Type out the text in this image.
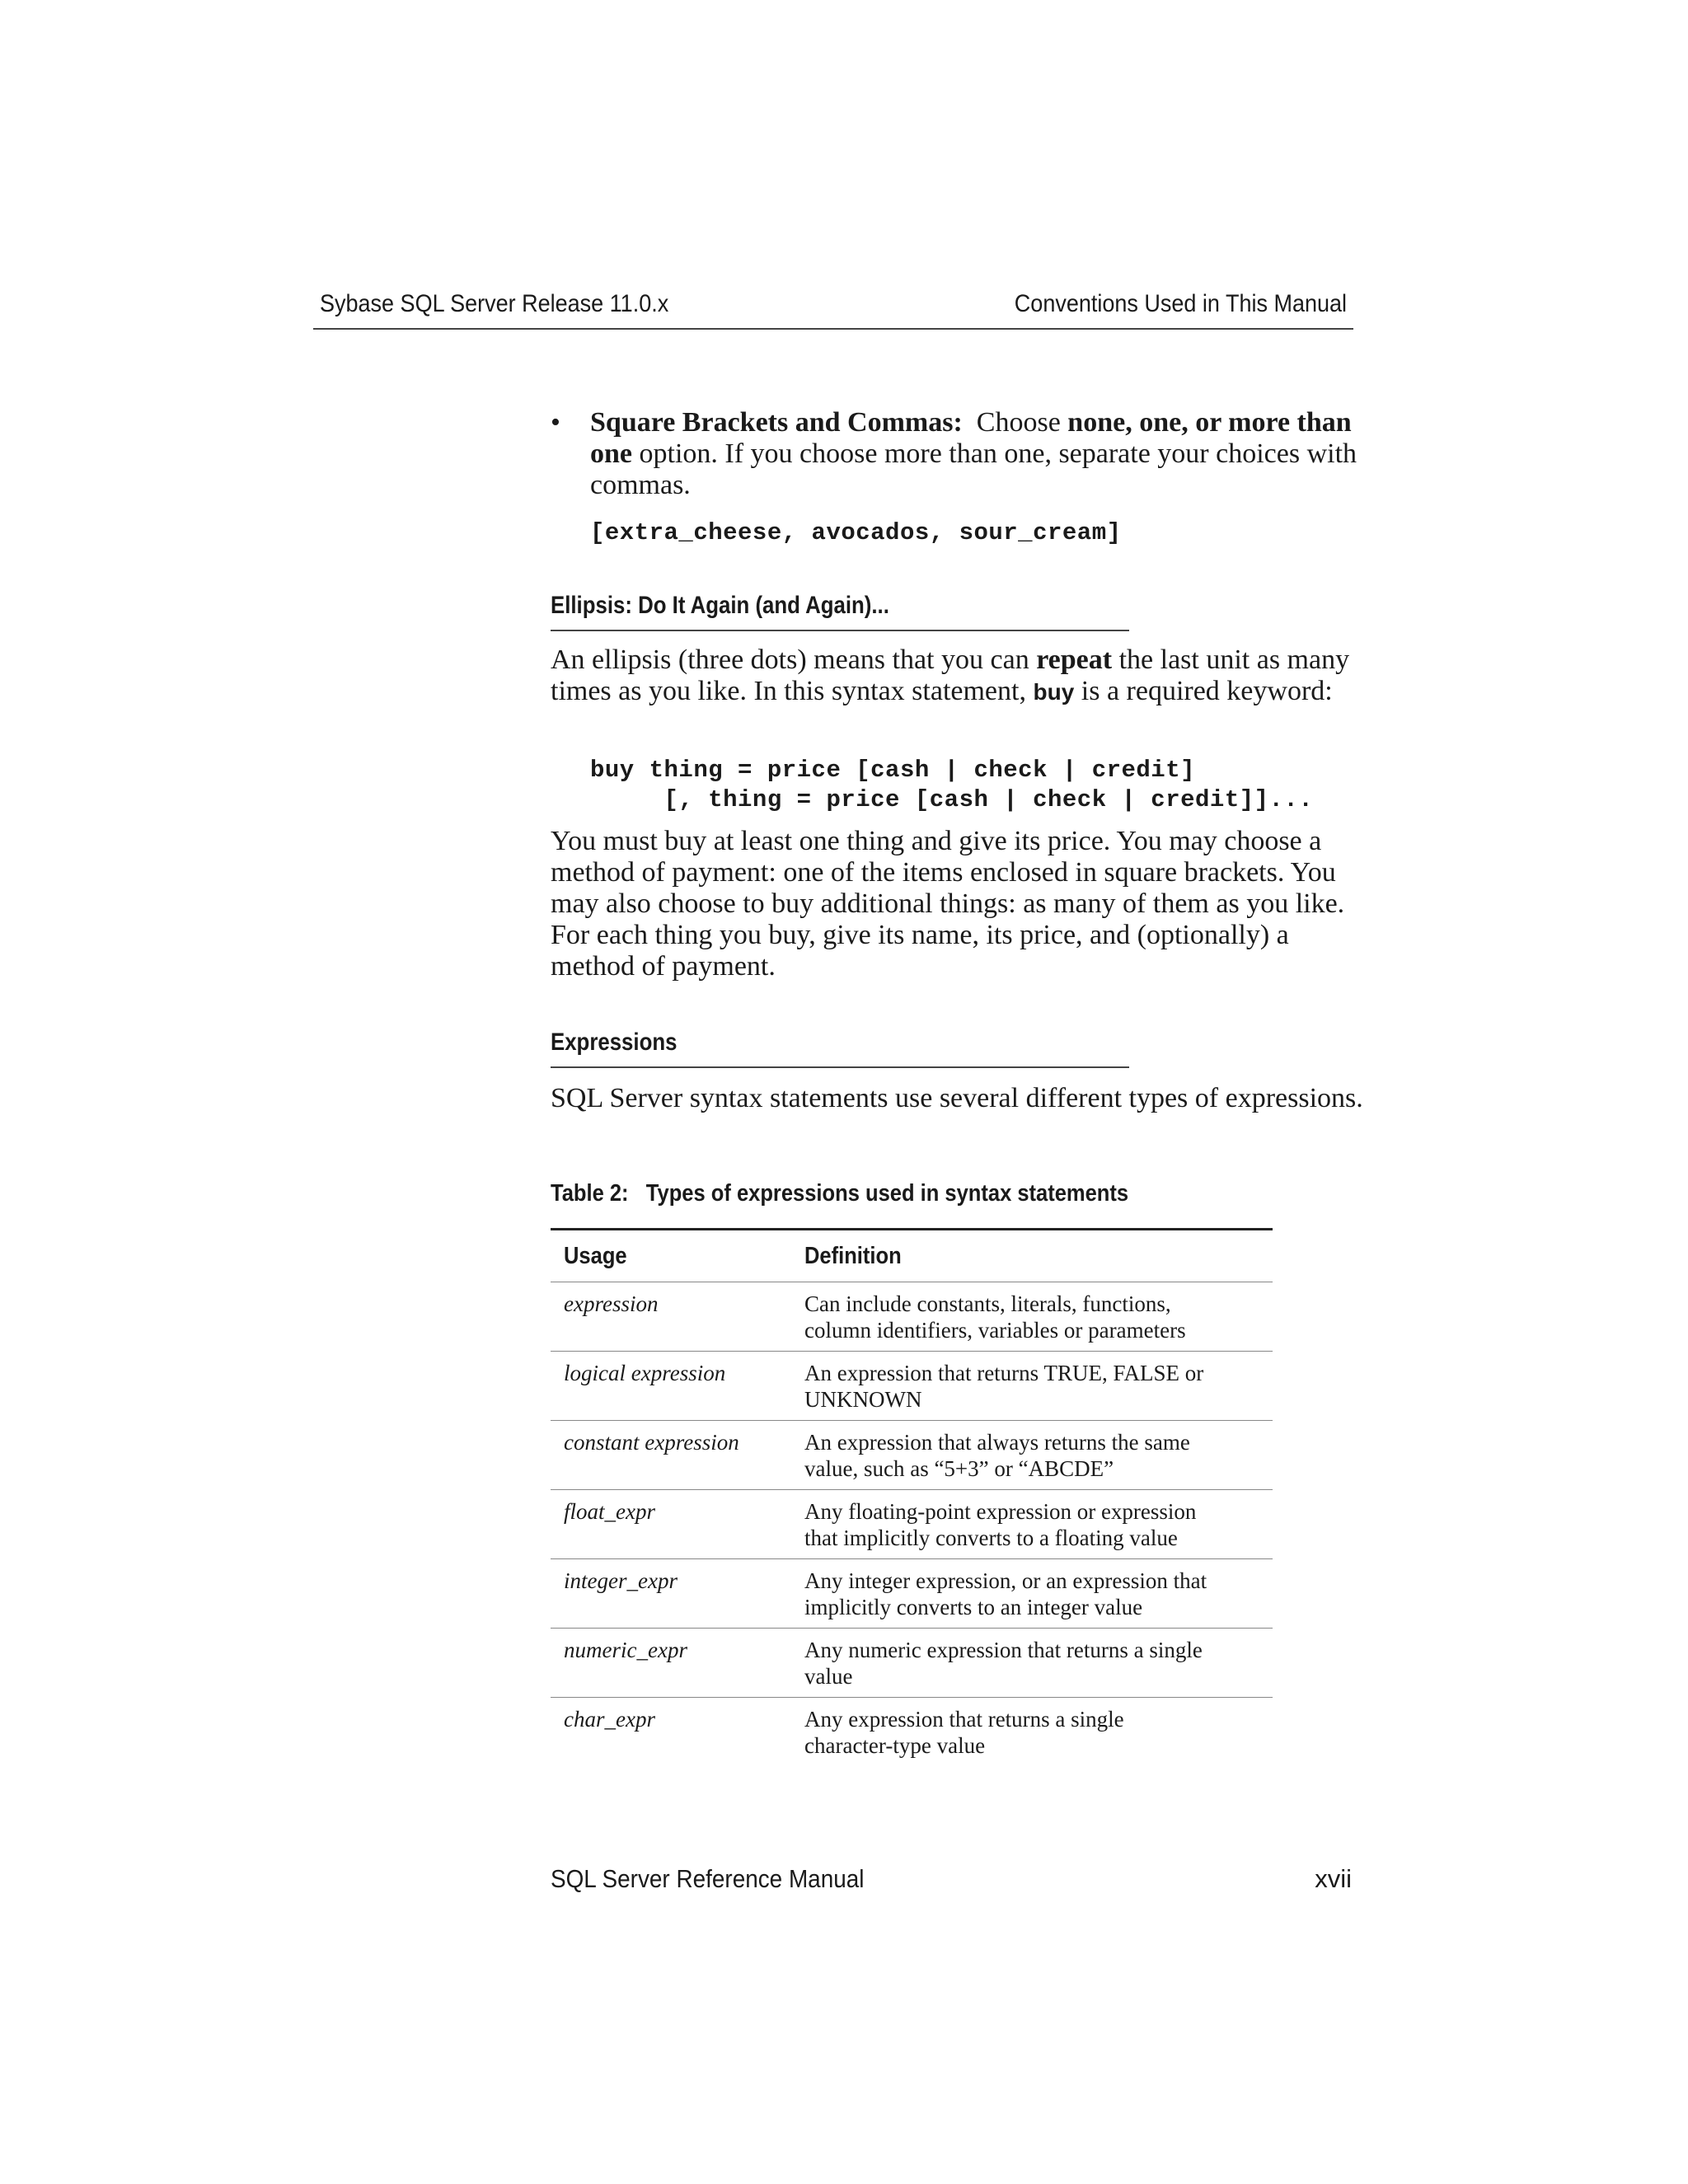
Sybase SQL Server Release 11.0.x	Conventions Used in This Manual
• Square Brackets and Commas: Choose none, one, or more than one option. If you choose more than one, separate your choices with commas.
[extra_cheese, avocados, sour_cream]
Ellipsis: Do It Again (and Again)...
An ellipsis (three dots) means that you can repeat the last unit as many times as you like. In this syntax statement, buy is a required keyword:
buy thing = price [cash | check | credit]
[, thing = price [cash | check | credit]]...
You must buy at least one thing and give its price. You may choose a method of payment: one of the items enclosed in square brackets. You may also choose to buy additional things: as many of them as you like. For each thing you buy, give its name, its price, and (optionally) a method of payment.
Expressions
SQL Server syntax statements use several different types of expressions.
Table 2:   Types of expressions used in syntax statements
Usage	Definition
expression	Can include constants, literals, functions,
column identifiers, variables or parameters
logical expression	An expression that returns TRUE, FALSE or
UNKNOWN
constant expression	An expression that always returns the same
value, such as “5+3” or “ABCDE”
float_expr	Any floating-point expression or expression
that implicitly converts to a floating value
integer_expr	Any integer expression, or an expression that
implicitly converts to an integer value
numeric_expr	Any numeric expression that returns a single
value
char_expr	Any expression that returns a single
character-type value
SQL Server Reference Manual	xvii
